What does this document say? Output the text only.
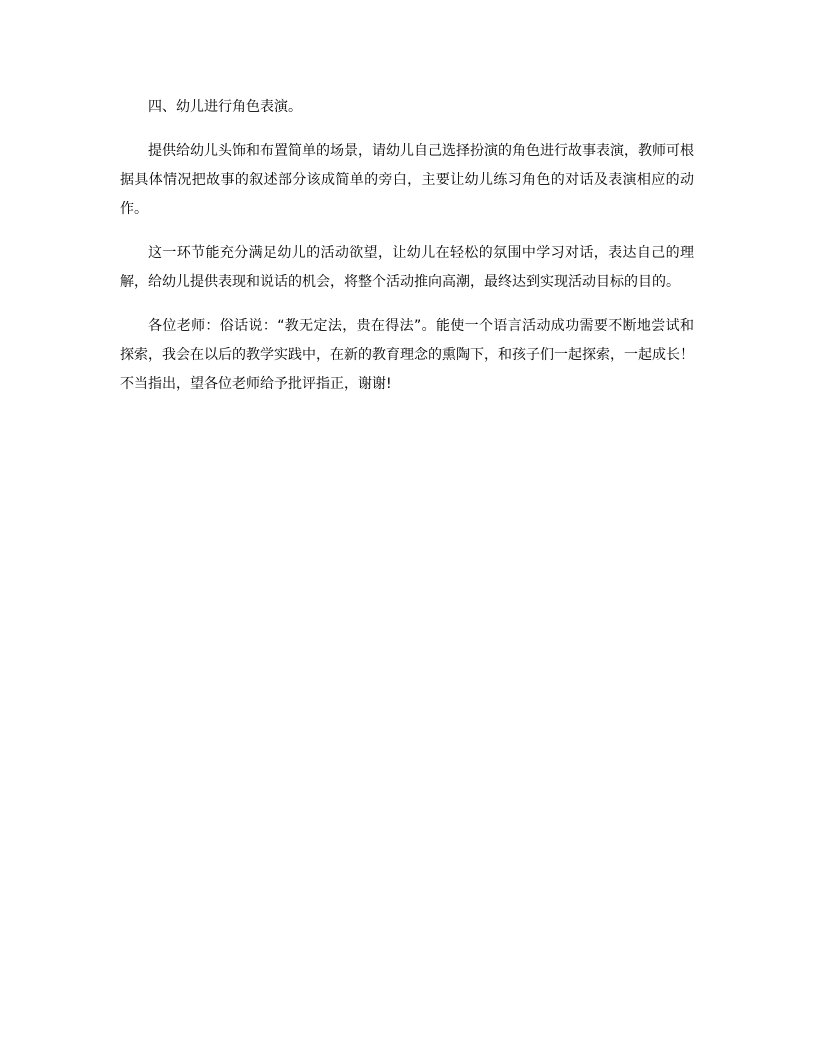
四、幼儿进行角色表演。

提供给幼儿头饰和布置简单的场景，请幼儿自己选择扮演的角色进行故事表演，教师可根据具体情况把故事的叙述部分该成简单的旁白，主要让幼儿练习角色的对话及表演相应的动作。

这一环节能充分满足幼儿的活动欲望，让幼儿在轻松的氛围中学习对话，表达自己的理解，给幼儿提供表现和说话的机会，将整个活动推向高潮，最终达到实现活动目标的目的。

各位老师：俗话说：“教无定法，贵在得法”。能使一个语言活动成功需要不断地尝试和探索，我会在以后的教学实践中，在新的教育理念的熏陶下，和孩子们一起探索，一起成长！不当指出，望各位老师给予批评指正，谢谢!
